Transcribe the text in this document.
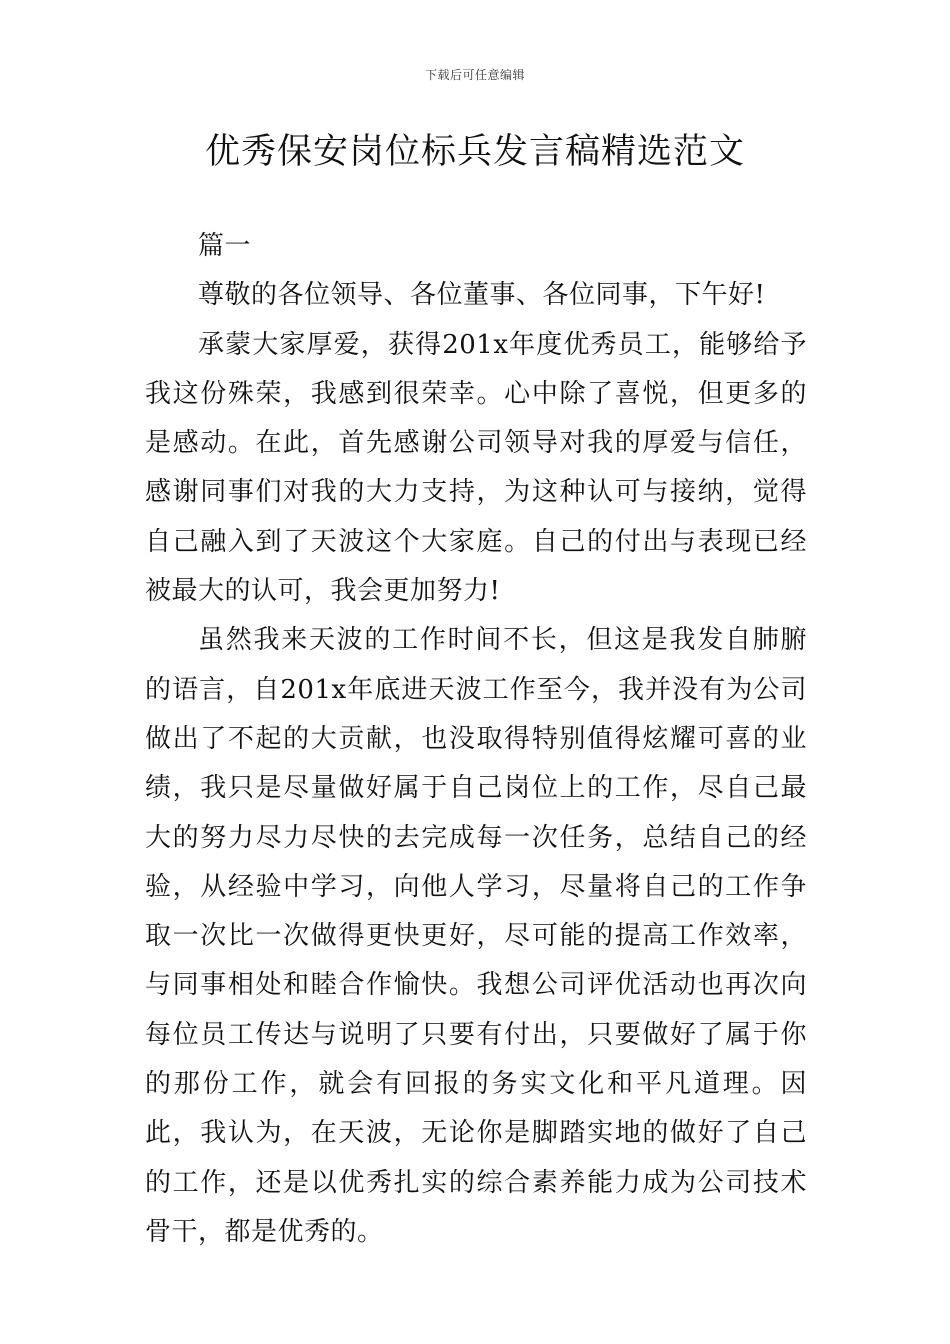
下载后可任意编辑
优秀保安岗位标兵发言稿精选范文

篇一

尊敬的各位领导、各位董事、各位同事，下午好!

承蒙大家厚爱，获得201x年度优秀员工，能够给予我这份殊荣，我感到很荣幸。心中除了喜悦，但更多的是感动。在此，首先感谢公司领导对我的厚爱与信任，感谢同事们对我的大力支持，为这种认可与接纳，觉得自己融入到了天波这个大家庭。自己的付出与表现已经被最大的认可，我会更加努力!

虽然我来天波的工作时间不长，但这是我发自肺腑的语言，自201x年底进天波工作至今，我并没有为公司做出了不起的大贡献，也没取得特别值得炫耀可喜的业绩，我只是尽量做好属于自己岗位上的工作，尽自己最大的努力尽力尽快的去完成每一次任务，总结自己的经验，从经验中学习，向他人学习，尽量将自己的工作争取一次比一次做得更快更好，尽可能的提高工作效率，与同事相处和睦合作愉快。我想公司评优活动也再次向每位员工传达与说明了只要有付出，只要做好了属于你的那份工作，就会有回报的务实文化和平凡道理。因此，我认为，在天波，无论你是脚踏实地的做好了自己的工作，还是以优秀扎实的综合素养能力成为公司技术骨干，都是优秀的。
